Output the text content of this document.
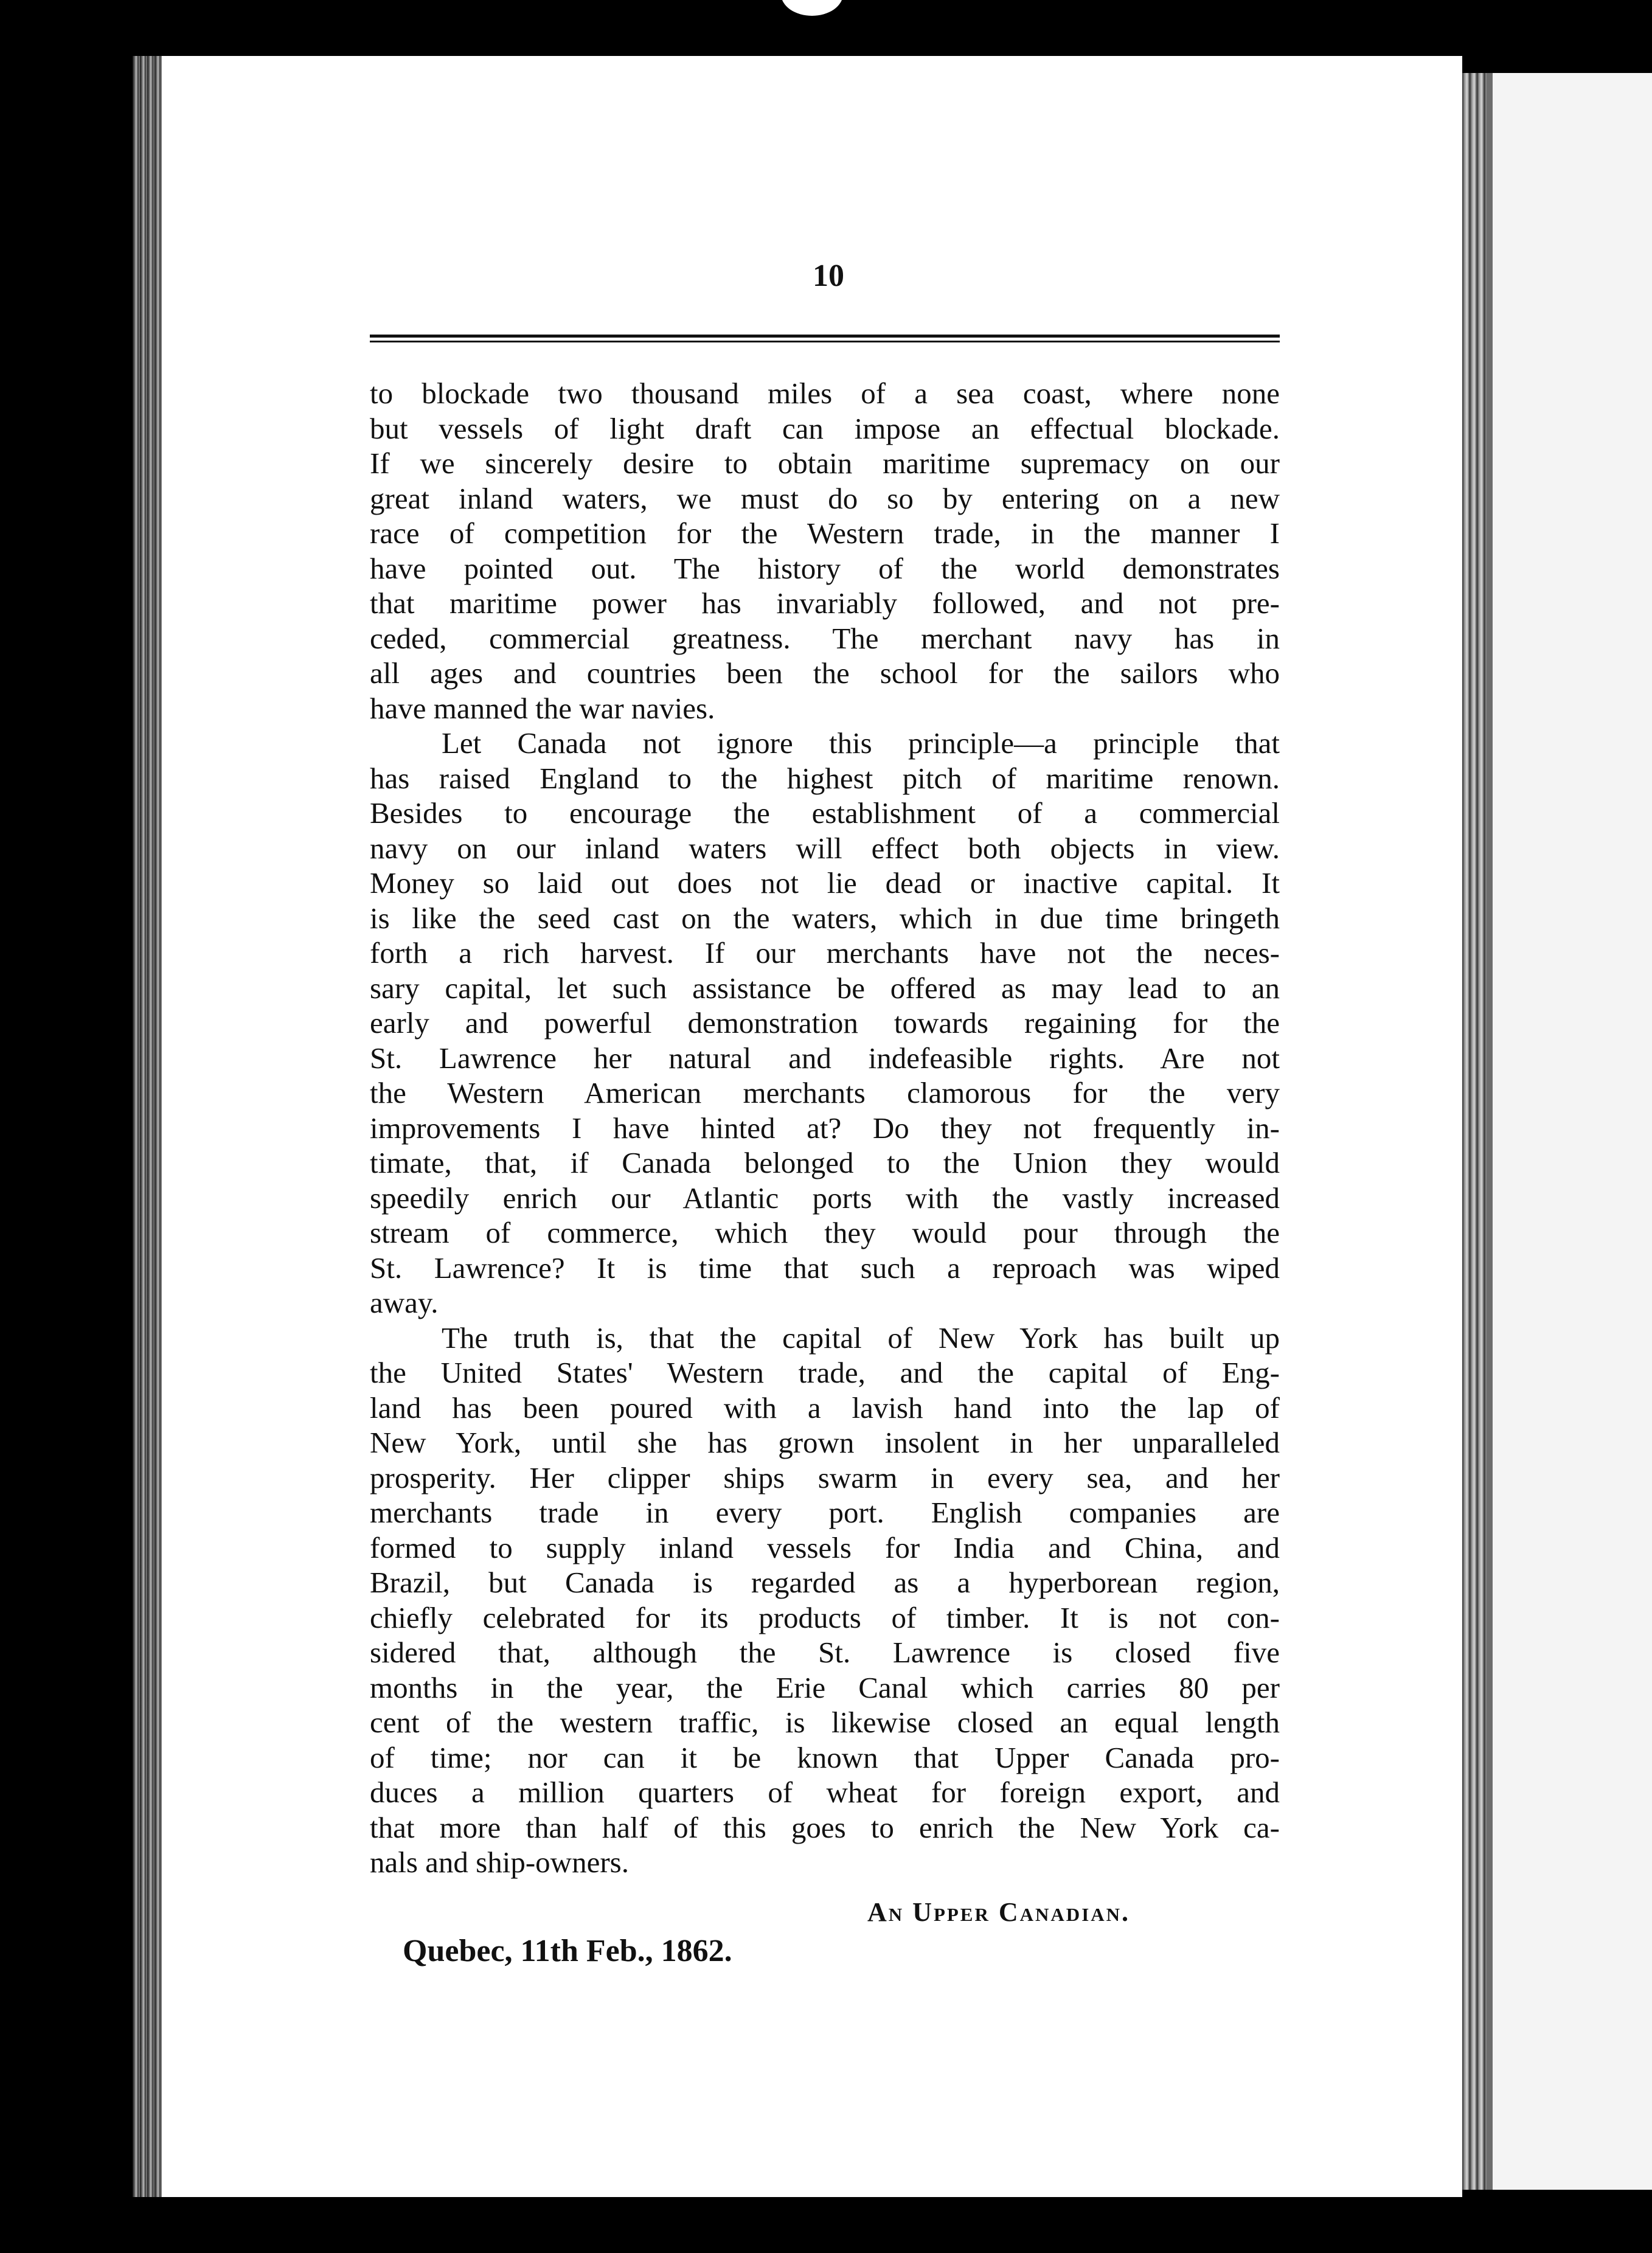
10
to blockade two thousand miles of a sea coast, where none
but vessels of light draft can impose an effectual blockade.
If we sincerely desire to obtain maritime supremacy on our
great inland waters, we must do so by entering on a new
race of competition for the Western trade, in the manner I
have pointed out. The history of the world demonstrates
that maritime power has invariably followed, and not pre-
ceded, commercial greatness. The merchant navy has in
all ages and countries been the school for the sailors who
have manned the war navies.
Let Canada not ignore this principle—a principle that
has raised England to the highest pitch of maritime renown.
Besides to encourage the establishment of a commercial
navy on our inland waters will effect both objects in view.
Money so laid out does not lie dead or inactive capital. It
is like the seed cast on the waters, which in due time bringeth
forth a rich harvest. If our merchants have not the neces-
sary capital, let such assistance be offered as may lead to an
early and powerful demonstration towards regaining for the
St. Lawrence her natural and indefeasible rights. Are not
the Western American merchants clamorous for the very
improvements I have hinted at? Do they not frequently in-
timate, that, if Canada belonged to the Union they would
speedily enrich our Atlantic ports with the vastly increased
stream of commerce, which they would pour through the
St. Lawrence? It is time that such a reproach was wiped
away.
The truth is, that the capital of New York has built up
the United States' Western trade, and the capital of Eng-
land has been poured with a lavish hand into the lap of
New York, until she has grown insolent in her unparalleled
prosperity. Her clipper ships swarm in every sea, and her
merchants trade in every port. English companies are
formed to supply inland vessels for India and China, and
Brazil, but Canada is regarded as a hyperborean region,
chiefly celebrated for its products of timber. It is not con-
sidered that, although the St. Lawrence is closed five
months in the year, the Erie Canal which carries 80 per
cent of the western traffic, is likewise closed an equal length
of time; nor can it be known that Upper Canada pro-
duces a million quarters of wheat for foreign export, and
that more than half of this goes to enrich the New York ca-
nals and ship-owners.
An Upper Canadian.
Quebec, 11th Feb., 1862.
